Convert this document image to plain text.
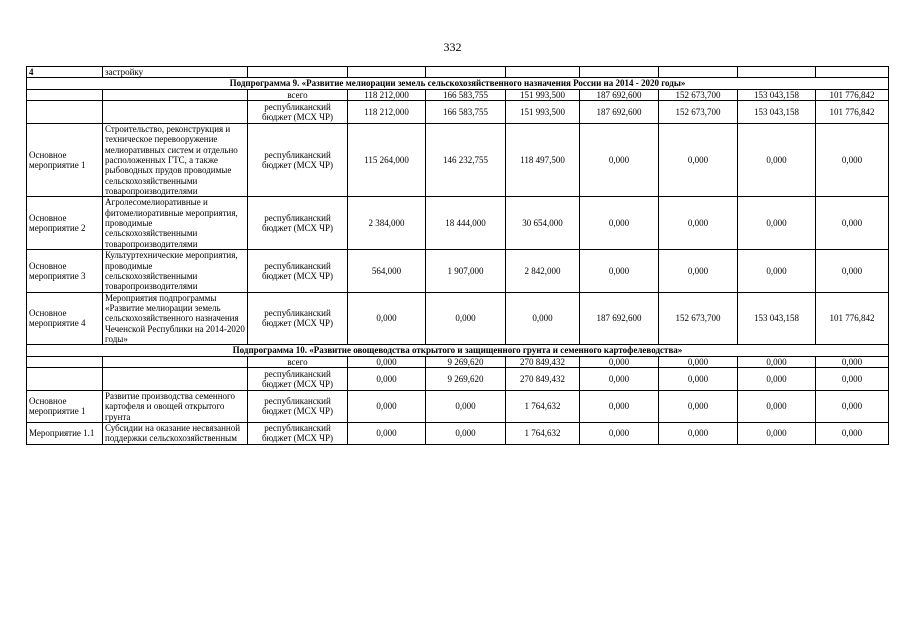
332
4	застройку								
Подпрограмма 9. «Развитие мелиорации земель сельскохозяйственного назначения России на 2014 - 2020 годы»									
		всего	118 212,000	166 583,755	151 993,500	187 692,600	152 673,700	153 043,158	101 776,842
		республиканский бюджет (МСХ ЧР)	118 212,000	166 583,755	151 993,500	187 692,600	152 673,700	153 043,158	101 776,842
Основное мероприятие 1	Строительство, реконструкция и техническое перевооружение мелиоративных систем и отдельно расположенных ГТС, а также рыбоводных прудов проводимые сельскохозяйственными товаропроизводителями	республиканский бюджет (МСХ ЧР)	115 264,000	146 232,755	118 497,500	0,000	0,000	0,000	0,000
Основное мероприятие 2	Агролесомелиоративные и фитомелиоративные мероприятия, проводимые сельскохозяйственными товаропроизводителями	республиканский бюджет (МСХ ЧР)	2 384,000	18 444,000	30 654,000	0,000	0,000	0,000	0,000
Основное мероприятие 3	Культуртехнические мероприятия, проводимые сельскохозяйственными товаропроизводителями	республиканский бюджет (МСХ ЧР)	564,000	1 907,000	2 842,000	0,000	0,000	0,000	0,000
Основное мероприятие 4	Мероприятия подпрограммы «Развитие мелиорации земель сельскохозяйственного назначения Чеченской Республики на 2014-2020 годы»	республиканский бюджет (МСХ ЧР)	0,000	0,000	0,000	187 692,600	152 673,700	153 043,158	101 776,842
Подпрограмма 10. «Развитие овощеводства открытого и защищенного грунта и семенного картофелеводства»									
		всего	0,000	9 269,620	270 849,432	0,000	0,000	0,000	0,000
		республиканский бюджет (МСХ ЧР)	0,000	9 269,620	270 849,432	0,000	0,000	0,000	0,000
Основное мероприятие 1	Развитие производства семенного картофеля и овощей открытого грунта	республиканский бюджет (МСХ ЧР)	0,000	0,000	1 764,632	0,000	0,000	0,000	0,000
Мероприятие 1.1	Субсидии на оказание несвязанной поддержки сельскохозяйственным	республиканский бюджет (МСХ ЧР)	0,000	0,000	1 764,632	0,000	0,000	0,000	0,000
